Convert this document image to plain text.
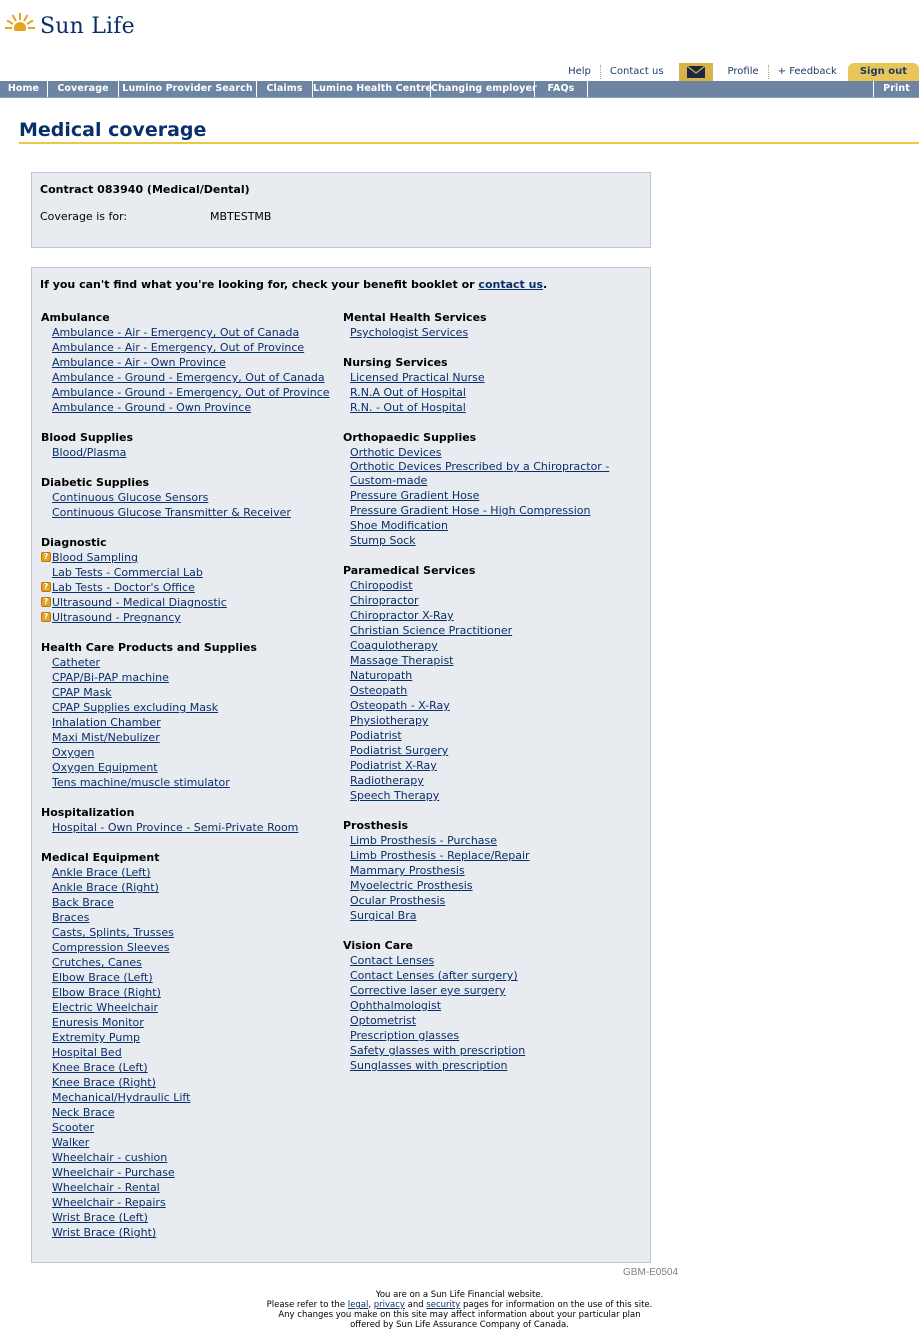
Sun Life
Help	Contact us	Profile	+ Feedback	Sign out
Home	Coverage	Lumino Provider Search	Claims	Lumino Health Centre
Changing employer	FAQs	Print
Medical coverage
Contract 083940 (Medical/Dental)
Coverage is for:	MBTESTMB
If you can't find what you're looking for, check your benefit booklet or contact us.
Ambulance
Ambulance - Air - Emergency, Out of Canada
Ambulance - Air - Emergency, Out of Province
Ambulance - Air - Own Province
Ambulance - Ground - Emergency, Out of Canada
Ambulance - Ground - Emergency, Out of Province
Ambulance - Ground - Own Province
Blood Supplies
Blood/Plasma
Diabetic Supplies
Continuous Glucose Sensors
Continuous Glucose Transmitter & Receiver
Diagnostic
? Blood Sampling
Lab Tests - Commercial Lab
? Lab Tests - Doctor's Office
? Ultrasound - Medical Diagnostic
? Ultrasound - Pregnancy
Health Care Products and Supplies
Catheter
CPAP/Bi-PAP machine
CPAP Mask
CPAP Supplies excluding Mask
Inhalation Chamber
Maxi Mist/Nebulizer
Oxygen
Oxygen Equipment
Tens machine/muscle stimulator
Hospitalization
Hospital - Own Province - Semi-Private Room
Medical Equipment
Ankle Brace (Left)
Ankle Brace (Right)
Back Brace
Braces
Casts, Splints, Trusses
Compression Sleeves
Crutches, Canes
Elbow Brace (Left)
Elbow Brace (Right)
Electric Wheelchair
Enuresis Monitor
Extremity Pump
Hospital Bed
Knee Brace (Left)
Knee Brace (Right)
Mechanical/Hydraulic Lift
Neck Brace
Scooter
Walker
Wheelchair - cushion
Wheelchair - Purchase
Wheelchair - Rental
Wheelchair - Repairs
Wrist Brace (Left)
Wrist Brace (Right)
Mental Health Services
Psychologist Services
Nursing Services
Licensed Practical Nurse
R.N.A Out of Hospital
R.N. - Out of Hospital
Orthopaedic Supplies
Orthotic Devices
Orthotic Devices Prescribed by a Chiropractor - Custom-made
Pressure Gradient Hose
Pressure Gradient Hose - High Compression
Shoe Modification
Stump Sock
Paramedical Services
Chiropodist
Chiropractor
Chiropractor X-Ray
Christian Science Practitioner
Coagulotherapy
Massage Therapist
Naturopath
Osteopath
Osteopath - X-Ray
Physiotherapy
Podiatrist
Podiatrist Surgery
Podiatrist X-Ray
Radiotherapy
Speech Therapy
Prosthesis
Limb Prosthesis - Purchase
Limb Prosthesis - Replace/Repair
Mammary Prosthesis
Myoelectric Prosthesis
Ocular Prosthesis
Surgical Bra
Vision Care
Contact Lenses
Contact Lenses (after surgery)
Corrective laser eye surgery
Ophthalmologist
Optometrist
Prescription glasses
Safety glasses with prescription
Sunglasses with prescription
GBM-E0504
You are on a Sun Life Financial website.
Please refer to the legal, privacy and security pages for information on the use of this site.
Any changes you make on this site may affect information about your particular plan
offered by Sun Life Assurance Company of Canada.
